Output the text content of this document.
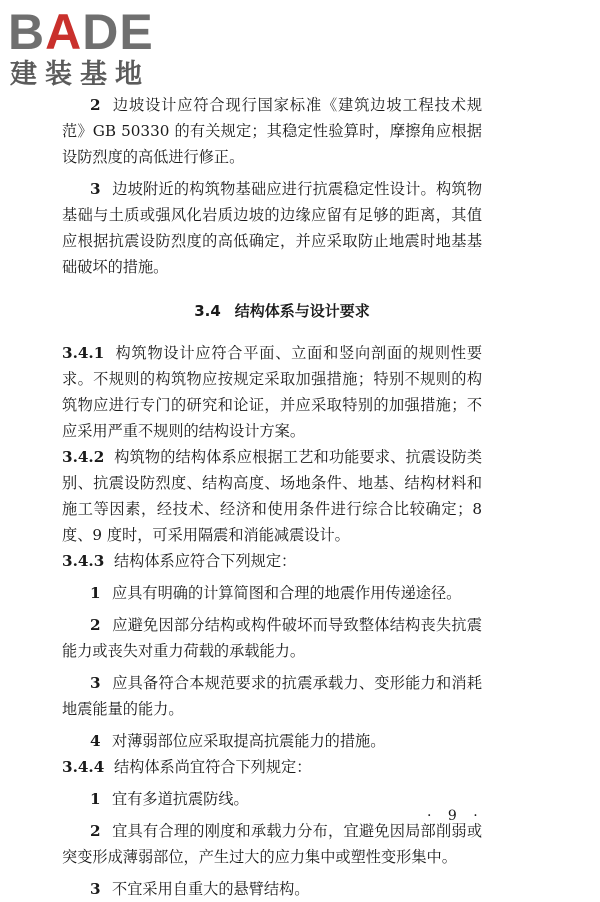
BADE
建装基地

2 边坡设计应符合现行国家标准《建筑边坡工程技术规范》GB 50330 的有关规定；其稳定性验算时，摩擦角应根据设防烈度的高低进行修正。

3 边坡附近的构筑物基础应进行抗震稳定性设计。构筑物基础与土质或强风化岩质边坡的边缘应留有足够的距离，其值应根据抗震设防烈度的高低确定，并应采取防止地震时地基基础破坏的措施。

3.4 结构体系与设计要求

3.4.1 构筑物设计应符合平面、立面和竖向剖面的规则性要求。不规则的构筑物应按规定采取加强措施；特别不规则的构筑物应进行专门的研究和论证，并应采取特别的加强措施；不应采用严重不规则的结构设计方案。

3.4.2 构筑物的结构体系应根据工艺和功能要求、抗震设防类别、抗震设防烈度、结构高度、场地条件、地基、结构材料和施工等因素，经技术、经济和使用条件进行综合比较确定；8 度、9 度时，可采用隔震和消能减震设计。

3.4.3 结构体系应符合下列规定：

1 应具有明确的计算简图和合理的地震作用传递途径。

2 应避免因部分结构或构件破坏而导致整体结构丧失抗震能力或丧失对重力荷载的承载能力。

3 应具备符合本规范要求的抗震承载力、变形能力和消耗地震能量的能力。

4 对薄弱部位应采取提高抗震能力的措施。

3.4.4 结构体系尚宜符合下列规定：

1 宜有多道抗震防线。

2 宜具有合理的刚度和承载力分布，宜避免因局部削弱或突变形成薄弱部位，产生过大的应力集中或塑性变形集中。

3 不宜采用自重大的悬臂结构。

· 9 ·
